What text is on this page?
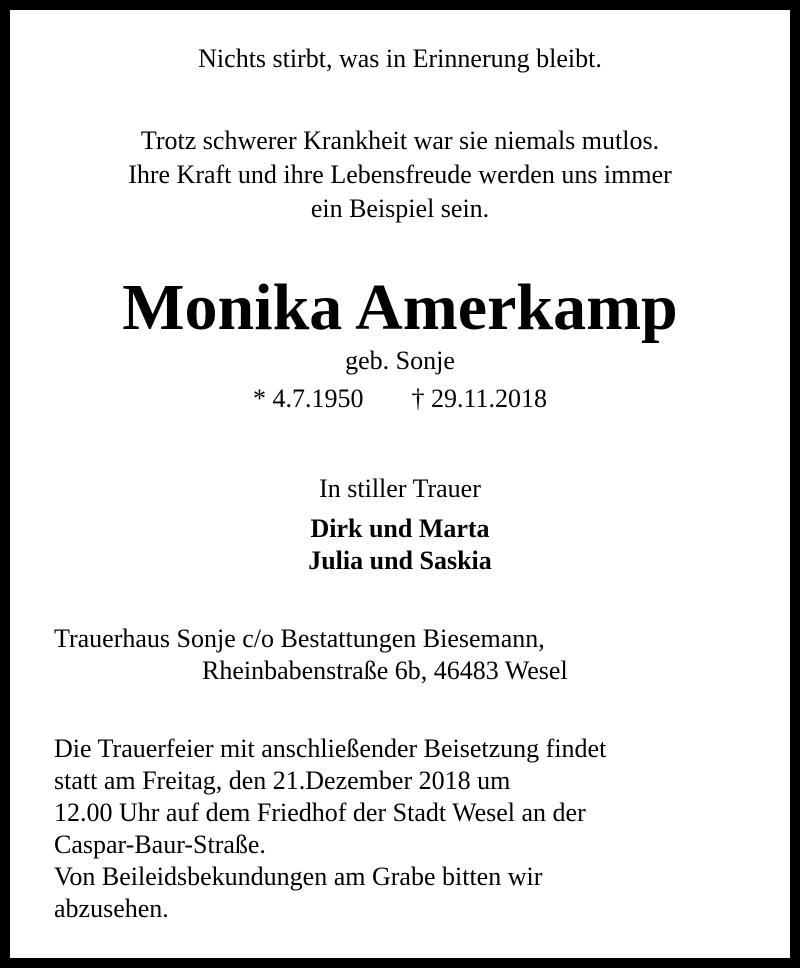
Nichts stirbt, was in Erinnerung bleibt.

Trotz schwerer Krankheit war sie niemals mutlos.

Ihre Kraft und ihre Lebensfreude werden uns immer

ein Beispiel sein.

Monika Amerkamp

geb. Sonje

* 4.7.1950 † 29.11.2018

In stiller Trauer

Dirk und Marta

Julia und Saskia

Trauerhaus Sonje c/o Bestattungen Biesemann,

Rheinbabenstraße 6b, 46483 Wesel

Die Trauerfeier mit anschließender Beisetzung findet

statt am Freitag, den 21.Dezember 2018 um

12.00 Uhr auf dem Friedhof der Stadt Wesel an der

Caspar-Baur-Straße.

Von Beileidsbekundungen am Grabe bitten wir

abzusehen.
